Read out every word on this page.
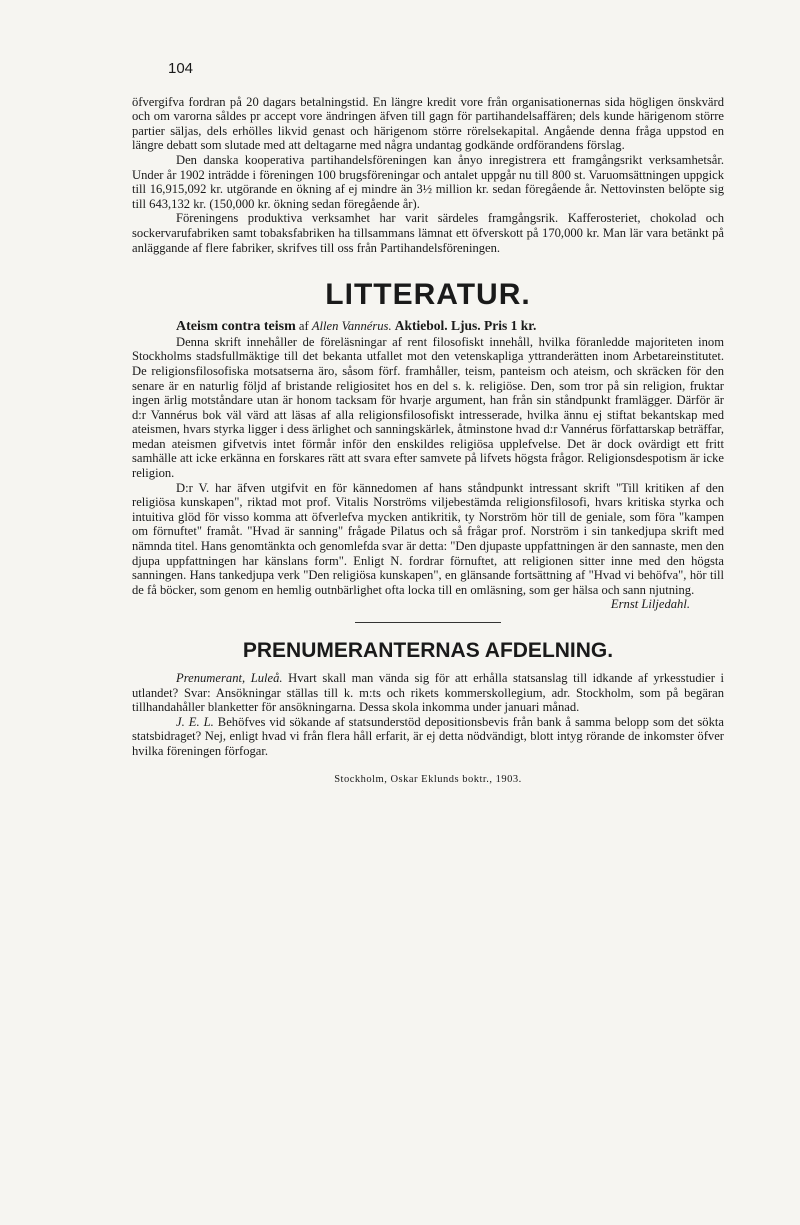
104

öfvergifva fordran på 20 dagars betalningstid. En längre kredit vore från organisationernas sida högligen önskvärd och om varorna såldes pr accept vore ändringen äfven till gagn för partihandelsaffären; dels kunde härigenom större partier säljas, dels erhölles likvid genast och härigenom större rörelsekapital. Angående denna fråga uppstod en längre debatt som slutade med att deltagarne med några undantag godkände ordförandens förslag.

Den danska kooperativa partihandelsföreningen kan ånyo inregistrera ett framgångsrikt verksamhetsår. Under år 1902 inträdde i föreningen 100 brugsföreningar och antalet uppgår nu till 800 st. Varuomsättningen uppgick till 16,915,092 kr. utgörande en ökning af ej mindre än 3½ million kr. sedan föregående år. Nettovinsten belöpte sig till 643,132 kr. (150,000 kr. ökning sedan föregående år).

Föreningens produktiva verksamhet har varit särdeles framgångsrik. Kafferosteriet, chokolad och sockervarufabriken samt tobaksfabriken ha tillsammans lämnat ett öfverskott på 170,000 kr. Man lär vara betänkt på anläggande af flere fabriker, skrifves till oss från Partihandelsföreningen.

LITTERATUR.

Ateism contra teism af Allen Vannérus. Aktiebol. Ljus. Pris 1 kr.

Denna skrift innehåller de föreläsningar af rent filosofiskt innehåll, hvilka föranledde majoriteten inom Stockholms stadsfullmäktige till det bekanta utfallet mot den vetenskapliga yttranderätten inom Arbetareinstitutet. De religionsfilosofiska motsatserna äro, såsom förf. framhåller, teism, panteism och ateism, och skräcken för den senare är en naturlig följd af bristande religiositet hos en del s. k. religiöse. Den, som tror på sin religion, fruktar ingen ärlig motståndare utan är honom tacksam för hvarje argument, han från sin ståndpunkt framlägger. Därför är d:r Vannérus bok väl värd att läsas af alla religionsfilosofiskt intresserade, hvilka ännu ej stiftat bekantskap med ateismen, hvars styrka ligger i dess ärlighet och sanningskärlek, åtminstone hvad d:r Vannérus författarskap beträffar, medan ateismen gifvetvis intet förmår inför den enskildes religiösa upplefvelse. Det är dock ovärdigt ett fritt samhälle att icke erkänna en forskares rätt att svara efter samvete på lifvets högsta frågor. Religionsdespotism är icke religion.

D:r V. har äfven utgifvit en för kännedomen af hans ståndpunkt intressant skrift "Till kritiken af den religiösa kunskapen", riktad mot prof. Vitalis Norströms viljebestämda religionsfilosofi, hvars kritiska styrka och intuitiva glöd för visso komma att öfverlefva mycken antikritik, ty Norström hör till de geniale, som föra "kampen om förnuftet" framåt. "Hvad är sanning" frågade Pilatus och så frågar prof. Norström i sin tankedjupa skrift med nämnda titel. Hans genomtänkta och genomlefda svar är detta: "Den djupaste uppfattningen är den sannaste, men den djupa uppfattningen har känslans form". Enligt N. fordrar förnuftet, att religionen sitter inne med den högsta sanningen. Hans tankedjupa verk "Den religiösa kunskapen", en glänsande fortsättning af "Hvad vi behöfva", hör till de få böcker, som genom en hemlig outnbärlighet ofta locka till en omläsning, som ger hälsa och sann njutning.

Ernst Liljedahl.
PRENUMERANTERNAS AFDELNING.

Prenumerant, Luleå. Hvart skall man vända sig för att erhålla statsanslag till idkande af yrkesstudier i utlandet? Svar: Ansökningar ställas till k. m:ts och rikets kommerskollegium, adr. Stockholm, som på begäran tillhandahåller blanketter för ansökningarna. Dessa skola inkomma under januari månad.

J. E. L. Behöfves vid sökande af statsunderstöd depositionsbevis från bank å samma belopp som det sökta statsbidraget? Nej, enligt hvad vi från flera håll erfarit, är ej detta nödvändigt, blott intyg rörande de inkomster öfver hvilka föreningen förfogar.

Stockholm, Oskar Eklunds boktr., 1903.
